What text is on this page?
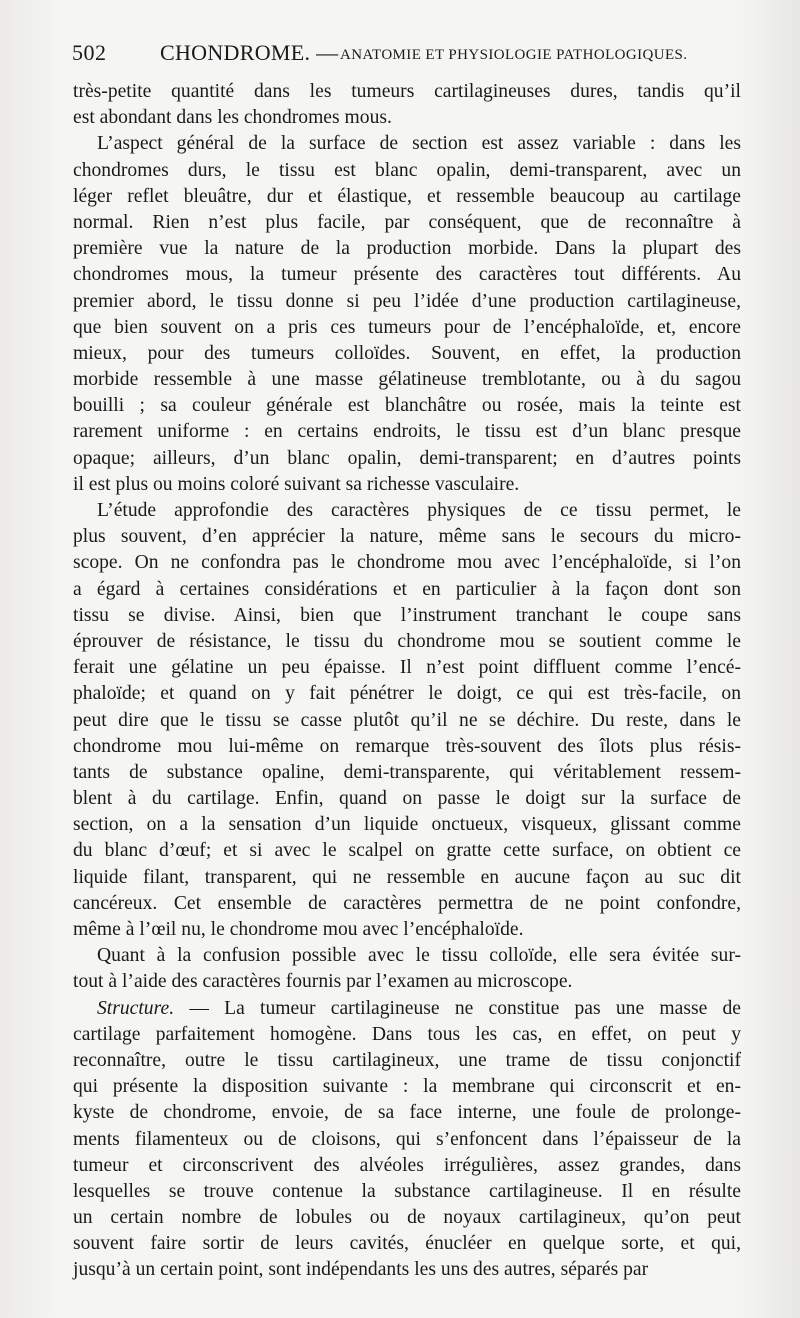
502 CHONDROME. — ANATOMIE ET PHYSIOLOGIE PATHOLOGIQUES.
très-petite quantité dans les tumeurs cartilagineuses dures, tandis qu’il
est abondant dans les chondromes mous.
L’aspect général de la surface de section est assez variable : dans les
chondromes durs, le tissu est blanc opalin, demi-transparent, avec un
léger reflet bleuâtre, dur et élastique, et ressemble beaucoup au cartilage
normal. Rien n’est plus facile, par conséquent, que de reconnaître à
première vue la nature de la production morbide. Dans la plupart des
chondromes mous, la tumeur présente des caractères tout différents. Au
premier abord, le tissu donne si peu l’idée d’une production cartilagineuse,
que bien souvent on a pris ces tumeurs pour de l’encéphaloïde, et, encore
mieux, pour des tumeurs colloïdes. Souvent, en effet, la production
morbide ressemble à une masse gélatineuse tremblotante, ou à du sagou
bouilli ; sa couleur générale est blanchâtre ou rosée, mais la teinte est
rarement uniforme : en certains endroits, le tissu est d’un blanc presque
opaque; ailleurs, d’un blanc opalin, demi-transparent; en d’autres points
il est plus ou moins coloré suivant sa richesse vasculaire.
L’étude approfondie des caractères physiques de ce tissu permet, le
plus souvent, d’en apprécier la nature, même sans le secours du micro-
scope. On ne confondra pas le chondrome mou avec l’encéphaloïde, si l’on
a égard à certaines considérations et en particulier à la façon dont son
tissu se divise. Ainsi, bien que l’instrument tranchant le coupe sans
éprouver de résistance, le tissu du chondrome mou se soutient comme le
ferait une gélatine un peu épaisse. Il n’est point diffluent comme l’encé-
phaloïde; et quand on y fait pénétrer le doigt, ce qui est très-facile, on
peut dire que le tissu se casse plutôt qu’il ne se déchire. Du reste, dans le
chondrome mou lui-même on remarque très-souvent des îlots plus résis-
tants de substance opaline, demi-transparente, qui véritablement ressem-
blent à du cartilage. Enfin, quand on passe le doigt sur la surface de
section, on a la sensation d’un liquide onctueux, visqueux, glissant comme
du blanc d’œuf; et si avec le scalpel on gratte cette surface, on obtient ce
liquide filant, transparent, qui ne ressemble en aucune façon au suc dit
cancéreux. Cet ensemble de caractères permettra de ne point confondre,
même à l’œil nu, le chondrome mou avec l’encéphaloïde.
Quant à la confusion possible avec le tissu colloïde, elle sera évitée sur-
tout à l’aide des caractères fournis par l’examen au microscope.
Structure. — La tumeur cartilagineuse ne constitue pas une masse de
cartilage parfaitement homogène. Dans tous les cas, en effet, on peut y
reconnaître, outre le tissu cartilagineux, une trame de tissu conjonctif
qui présente la disposition suivante : la membrane qui circonscrit et en-
kyste de chondrome, envoie, de sa face interne, une foule de prolonge-
ments filamenteux ou de cloisons, qui s’enfoncent dans l’épaisseur de la
tumeur et circonscrivent des alvéoles irrégulières, assez grandes, dans
lesquelles se trouve contenue la substance cartilagineuse. Il en résulte
un certain nombre de lobules ou de noyaux cartilagineux, qu’on peut
souvent faire sortir de leurs cavités, énucléer en quelque sorte, et qui,
jusqu’à un certain point, sont indépendants les uns des autres, séparés par
